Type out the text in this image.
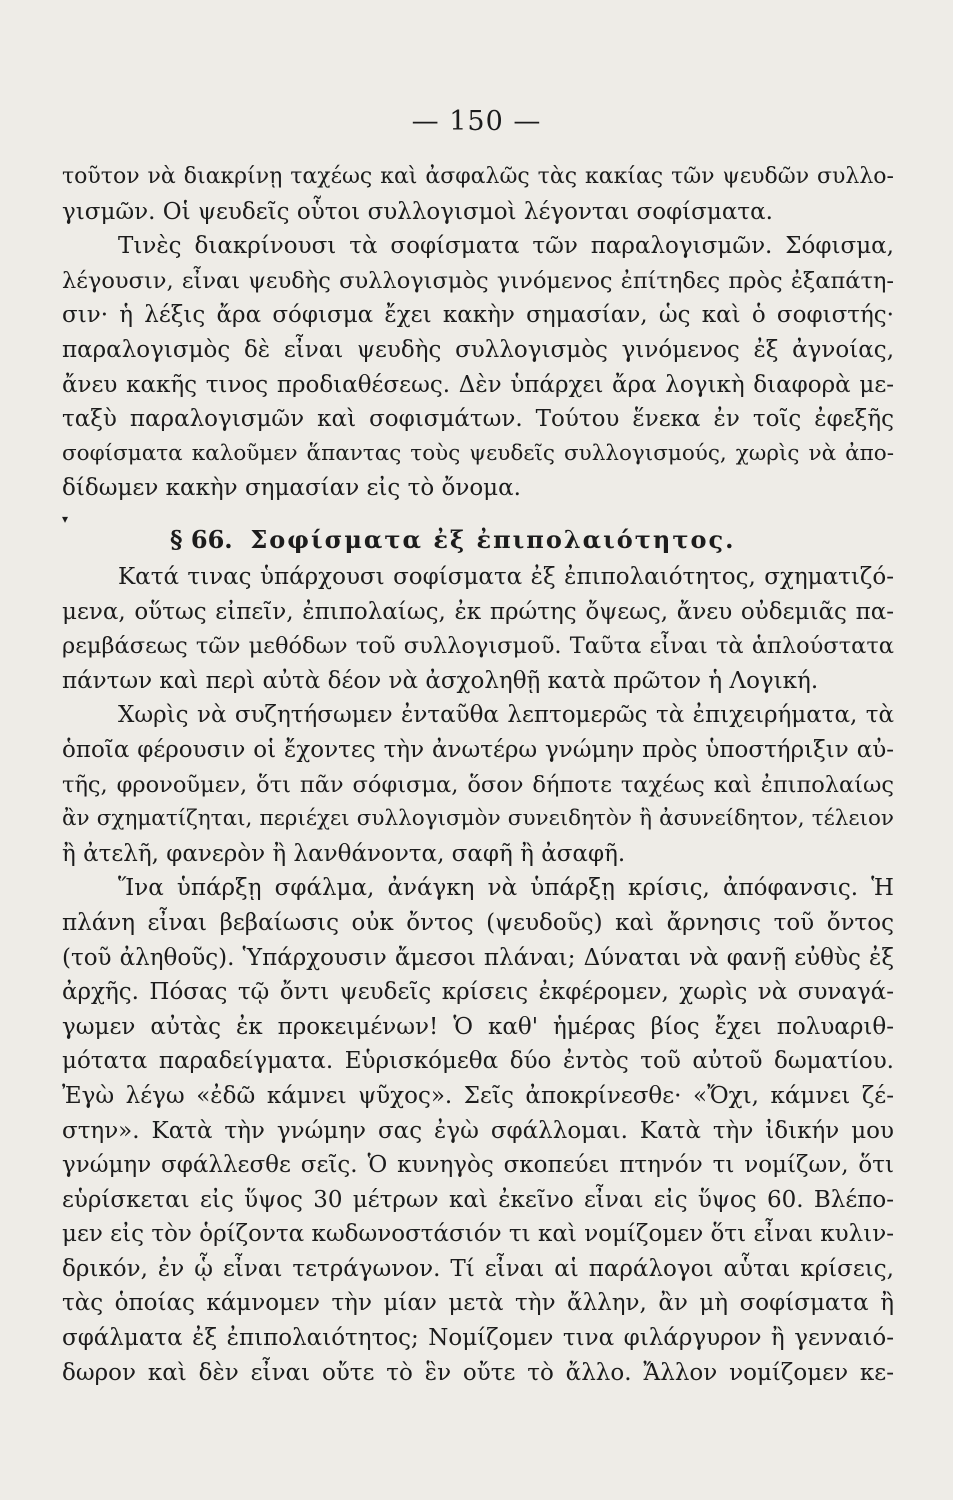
— 150 —
τοῦτον νὰ διακρίνῃ ταχέως καὶ ἀσφαλῶς τὰς κακίας τῶν ψευδῶν συλλο-
γισμῶν. Οἱ ψευδεῖς οὗτοι συλλογισμοὶ λέγονται σοφίσματα.
Τινὲς διακρίνουσι τὰ σοφίσματα τῶν παραλογισμῶν. Σόφισμα,
λέγουσιν, εἶναι ψευδὴς συλλογισμὸς γινόμενος ἐπίτηδες πρὸς ἐξαπάτη-
σιν· ἡ λέξις ἄρα σόφισμα ἔχει κακὴν σημασίαν, ὡς καὶ ὁ σοφιστής·
παραλογισμὸς δὲ εἶναι ψευδὴς συλλογισμὸς γινόμενος ἐξ ἀγνοίας,
ἄνευ κακῆς τινος προδιαθέσεως. Δὲν ὑπάρχει ἄρα λογικὴ διαφορὰ με-
ταξὺ παραλογισμῶν καὶ σοφισμάτων. Τούτου ἕνεκα ἐν τοῖς ἐφεξῆς
σοφίσματα καλοῦμεν ἅπαντας τοὺς ψευδεῖς συλλογισμούς, χωρὶς νὰ ἀπο-
δίδωμεν κακὴν σημασίαν εἰς τὸ ὄνομα.
▾
§ 66. Σοφίσματα ἐξ ἐπιπολαιότητος.
Κατά τινας ὑπάρχουσι σοφίσματα ἐξ ἐπιπολαιότητος, σχηματιζό-
μενα, οὕτως εἰπεῖν, ἐπιπολαίως, ἐκ πρώτης ὄψεως, ἄνευ οὐδεμιᾶς πα-
ρεμβάσεως τῶν μεθόδων τοῦ συλλογισμοῦ. Ταῦτα εἶναι τὰ ἁπλούστατα
πάντων καὶ περὶ αὐτὰ δέον νὰ ἀσχοληθῇ κατὰ πρῶτον ἡ Λογική.
Χωρὶς νὰ συζητήσωμεν ἐνταῦθα λεπτομερῶς τὰ ἐπιχειρήματα, τὰ
ὁποῖα φέρουσιν οἱ ἔχοντες τὴν ἀνωτέρω γνώμην πρὸς ὑποστήριξιν αὐ-
τῆς, φρονοῦμεν, ὅτι πᾶν σόφισμα, ὅσον δήποτε ταχέως καὶ ἐπιπολαίως
ἂν σχηματίζηται, περιέχει συλλογισμὸν συνειδητὸν ἢ ἀσυνείδητον, τέλειον
ἢ ἀτελῆ, φανερὸν ἢ λανθάνοντα, σαφῆ ἢ ἀσαφῆ.
Ἵνα ὑπάρξῃ σφάλμα, ἀνάγκη νὰ ὑπάρξῃ κρίσις, ἀπόφανσις. Ἡ
πλάνη εἶναι βεβαίωσις οὐκ ὄντος (ψευδοῦς) καὶ ἄρνησις τοῦ ὄντος
(τοῦ ἀληθοῦς). Ὑπάρχουσιν ἄμεσοι πλάναι; Δύναται νὰ φανῇ εὐθὺς ἐξ
ἀρχῆς. Πόσας τῷ ὄντι ψευδεῖς κρίσεις ἐκφέρομεν, χωρὶς νὰ συναγά-
γωμεν αὐτὰς ἐκ προκειμένων! Ὁ καθ' ἡμέρας βίος ἔχει πολυαριθ-
μότατα παραδείγματα. Εὑρισκόμεθα δύο ἐντὸς τοῦ αὐτοῦ δωματίου.
Ἐγὼ λέγω «ἐδῶ κάμνει ψῦχος». Σεῖς ἀποκρίνεσθε· «Ὄχι, κάμνει ζέ-
στην». Κατὰ τὴν γνώμην σας ἐγὼ σφάλλομαι. Κατὰ τὴν ἰδικήν μου
γνώμην σφάλλεσθε σεῖς. Ὁ κυνηγὸς σκοπεύει πτηνόν τι νομίζων, ὅτι
εὑρίσκεται εἰς ὕψος 30 μέτρων καὶ ἐκεῖνο εἶναι εἰς ὕψος 60. Βλέπο-
μεν εἰς τὸν ὁρίζοντα κωδωνοστάσιόν τι καὶ νομίζομεν ὅτι εἶναι κυλιν-
δρικόν, ἐν ᾧ εἶναι τετράγωνον. Τί εἶναι αἱ παράλογοι αὗται κρίσεις,
τὰς ὁποίας κάμνομεν τὴν μίαν μετὰ τὴν ἄλλην, ἂν μὴ σοφίσματα ἢ
σφάλματα ἐξ ἐπιπολαιότητος; Νομίζομεν τινα φιλάργυρον ἢ γενναιό-
δωρον καὶ δὲν εἶναι οὔτε τὸ ἓν οὔτε τὸ ἄλλο. Ἄλλον νομίζομεν κε-
